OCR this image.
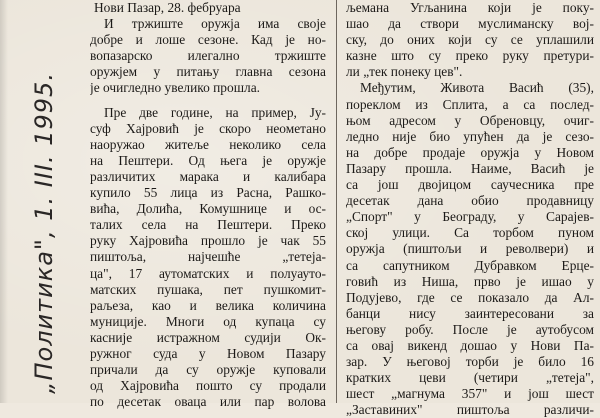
„Политика", 1. III. 1995.
Нови Пазар, 28. фебруара
И тржиште оружја има своје
добре и лоше сезоне. Кад је но-
вопазарско илегално тржиште
оружјем у питању главна сезона
је очигледно увелико прошла.
Пре две године, на пример, Ју-
суф Хајровић је скоро неометано
наоружао житеље неколико села
на Пештери. Од њега је оружје
различитих марака и калибара
купило 55 лица из Расна, Рашко-
вића, Долића, Комушнице и ос-
талих села на Пештери. Преко
руку Хајровића прошло је чак 55
пиштоља, најчешће „тетеја-
ца", 17 аутоматских и полуауто-
матских пушака, пет пушкомит-
раљеза, као и велика количина
муниције. Многи од купаца су
касније истражном судији Ок-
ружног суда у Новом Пазару
причали да су оружје куповали
од Хајровића пошто су продали
по десетак оваца или пар волова
љемана Угљанина који је поку-
шао да створи муслиманску вој-
ску, до оних који су се уплашили
казне што су преко руку претури-
ли „тек понеку цев".
Међутим, Живота Васић (35),
пореклом из Сплита, а са послед-
њом адресом у Обреновцу, очиг-
ледно није био упућен да је сезо-
на добре продаје оружја у Новом
Пазару прошла. Наиме, Васић је
са још двојицом саучесника пре
десетак дана обио продавницу
„Спорт" у Београду, у Сарајев-
ској улици. Са торбом пуном
оружја (пиштољи и револвери) и
са сапутником Дубравком Ерце-
говић из Ниша, прво је ишао у
Подујево, где се показало да Ал-
банци нису заинтересовани за
његову робу. После је аутобусом
са овај викенд дошао у Нови Па-
зар. У његовој торби је било 16
кратких цеви (четири „тетеја",
шест „магнума 357" и још шест
„Заставиних" пиштоља различи-
